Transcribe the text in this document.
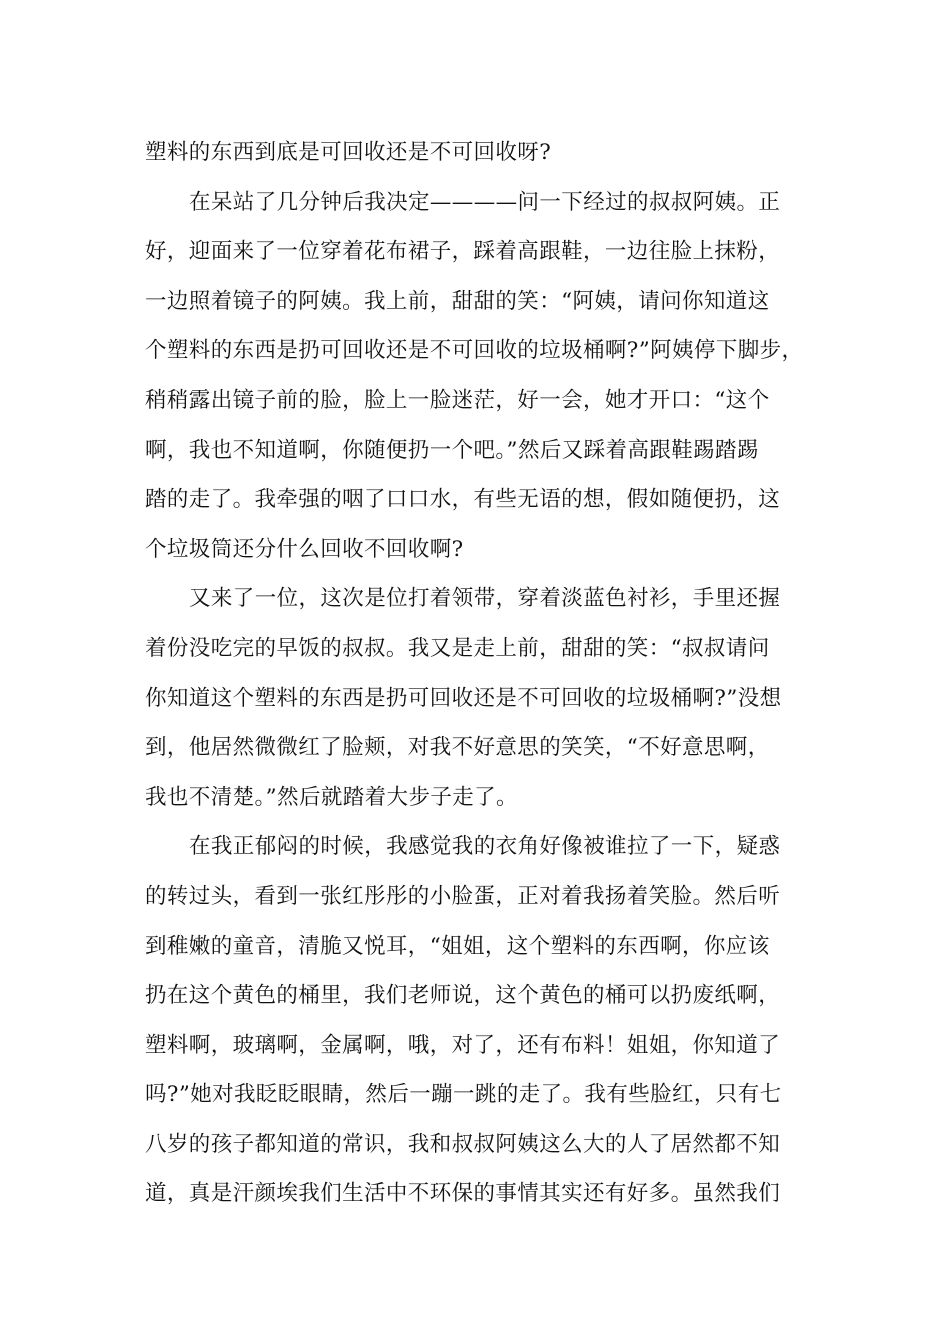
塑料的东西到底是可回收还是不可回收呀?
在呆站了几分钟后我决定————问一下经过的叔叔阿姨。正
好，迎面来了一位穿着花布裙子，踩着高跟鞋，一边往脸上抹粉，
一边照着镜子的阿姨。我上前，甜甜的笑：“阿姨，请问你知道这
个塑料的东西是扔可回收还是不可回收的垃圾桶啊?”阿姨停下脚步，
稍稍露出镜子前的脸，脸上一脸迷茫，好一会，她才开口：“这个
啊，我也不知道啊，你随便扔一个吧。”然后又踩着高跟鞋踢踏踢
踏的走了。我牵强的咽了口口水，有些无语的想，假如随便扔，这
个垃圾筒还分什么回收不回收啊?
又来了一位，这次是位打着领带，穿着淡蓝色衬衫，手里还握
着份没吃完的早饭的叔叔。我又是走上前，甜甜的笑：“叔叔请问
你知道这个塑料的东西是扔可回收还是不可回收的垃圾桶啊?”没想
到，他居然微微红了脸颊，对我不好意思的笑笑，“不好意思啊，
我也不清楚。”然后就踏着大步子走了。
在我正郁闷的时候，我感觉我的衣角好像被谁拉了一下，疑惑
的转过头，看到一张红彤彤的小脸蛋，正对着我扬着笑脸。然后听
到稚嫩的童音，清脆又悦耳，“姐姐，这个塑料的东西啊，你应该
扔在这个黄色的桶里，我们老师说，这个黄色的桶可以扔废纸啊，
塑料啊，玻璃啊，金属啊，哦，对了，还有布料！姐姐，你知道了
吗?”她对我眨眨眼睛，然后一蹦一跳的走了。我有些脸红，只有七
八岁的孩子都知道的常识，我和叔叔阿姨这么大的人了居然都不知
道，真是汗颜埃我们生活中不环保的事情其实还有好多。虽然我们
